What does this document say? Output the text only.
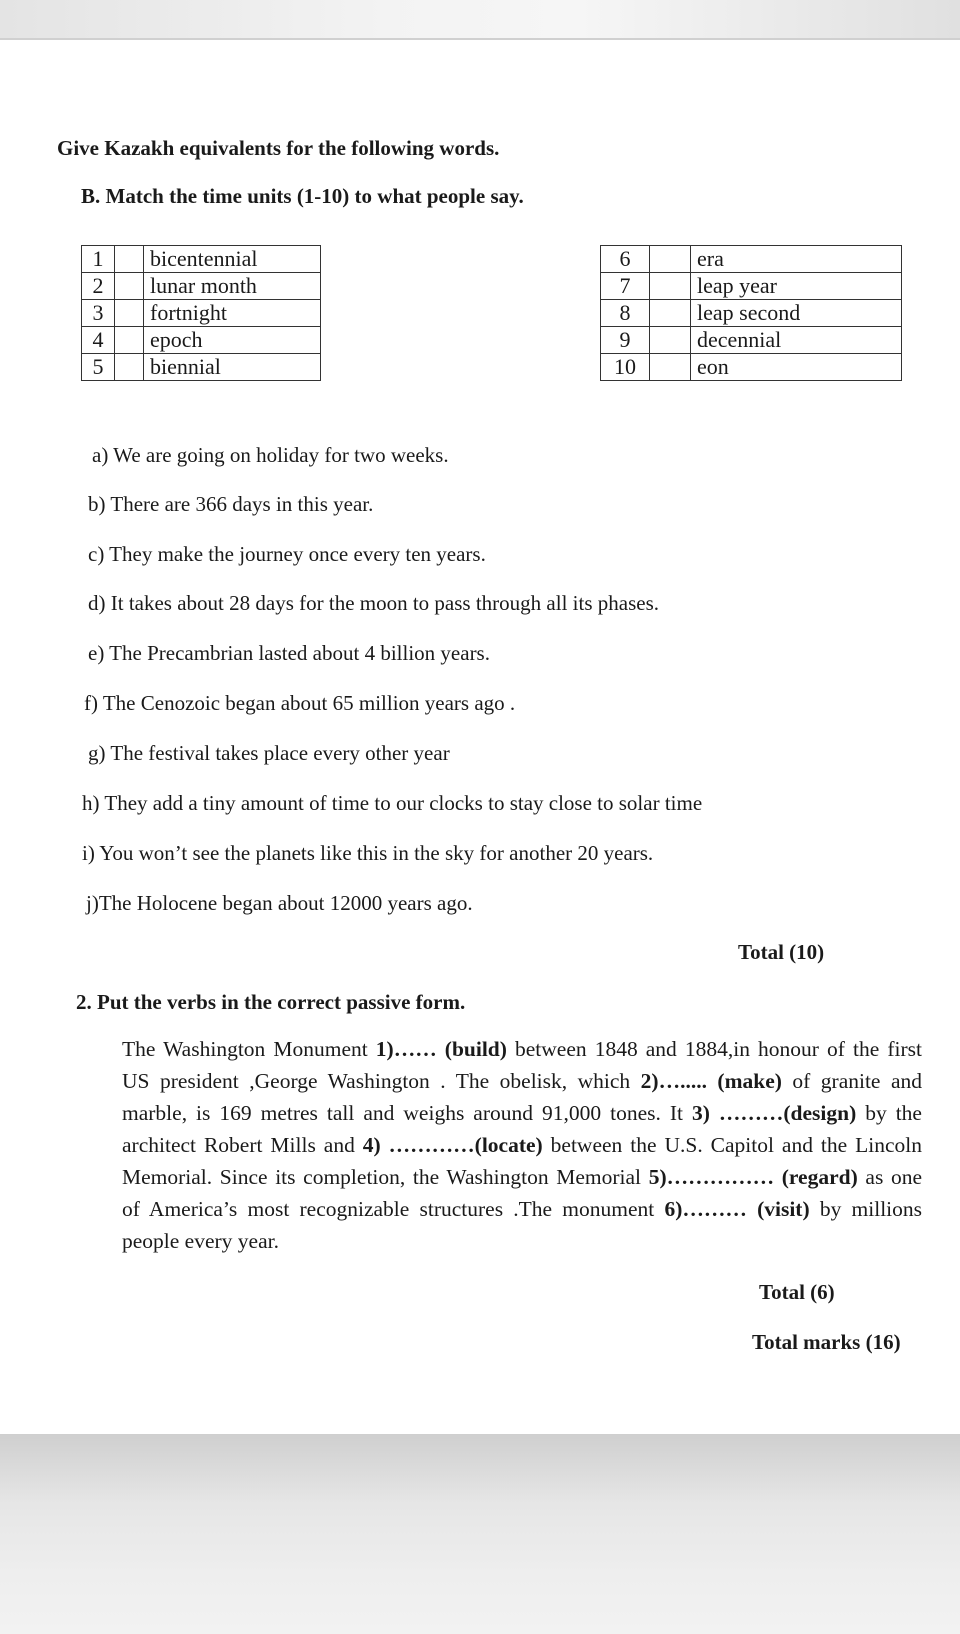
Give Kazakh equivalents for the following words.
B. Match the time units (1-10) to what people say.
1		bicentennial
2		lunar month
3		fortnight
4		epoch
5		biennial
6		era
7		leap year
8		leap second
9		decennial
10		eon
a) We are going on holiday for two weeks.
b) There are 366 days in this year.
c) They make the journey once every ten years.
d) It takes about 28 days for the moon to pass through all its phases.
e) The Precambrian lasted about 4 billion years.
f) The Cenozoic began about 65 million years ago .
g) The festival takes place every other year
h) They add a tiny amount of time to our clocks to stay close to solar time
i) You won’t see the planets like this in the sky for another 20 years.
j)The Holocene began about 12000 years ago.
Total (10)
2. Put the verbs in the correct passive form.

The Washington Monument 1)…… (build) between 1848 and 1884,in honour of the first US president ,George Washington . The obelisk, which 2)…..... (make) of granite and marble, is 169 metres tall and weighs around 91,000 tones. It 3) ………(design) by the architect Robert Mills and 4) …………(locate) between the U.S. Capitol and the Lincoln Memorial. Since its completion, the Washington Memorial 5)…………… (regard) as one of America’s most recognizable structures .The monument 6)……… (visit) by millions people every year.

Total (6)
Total marks (16)
